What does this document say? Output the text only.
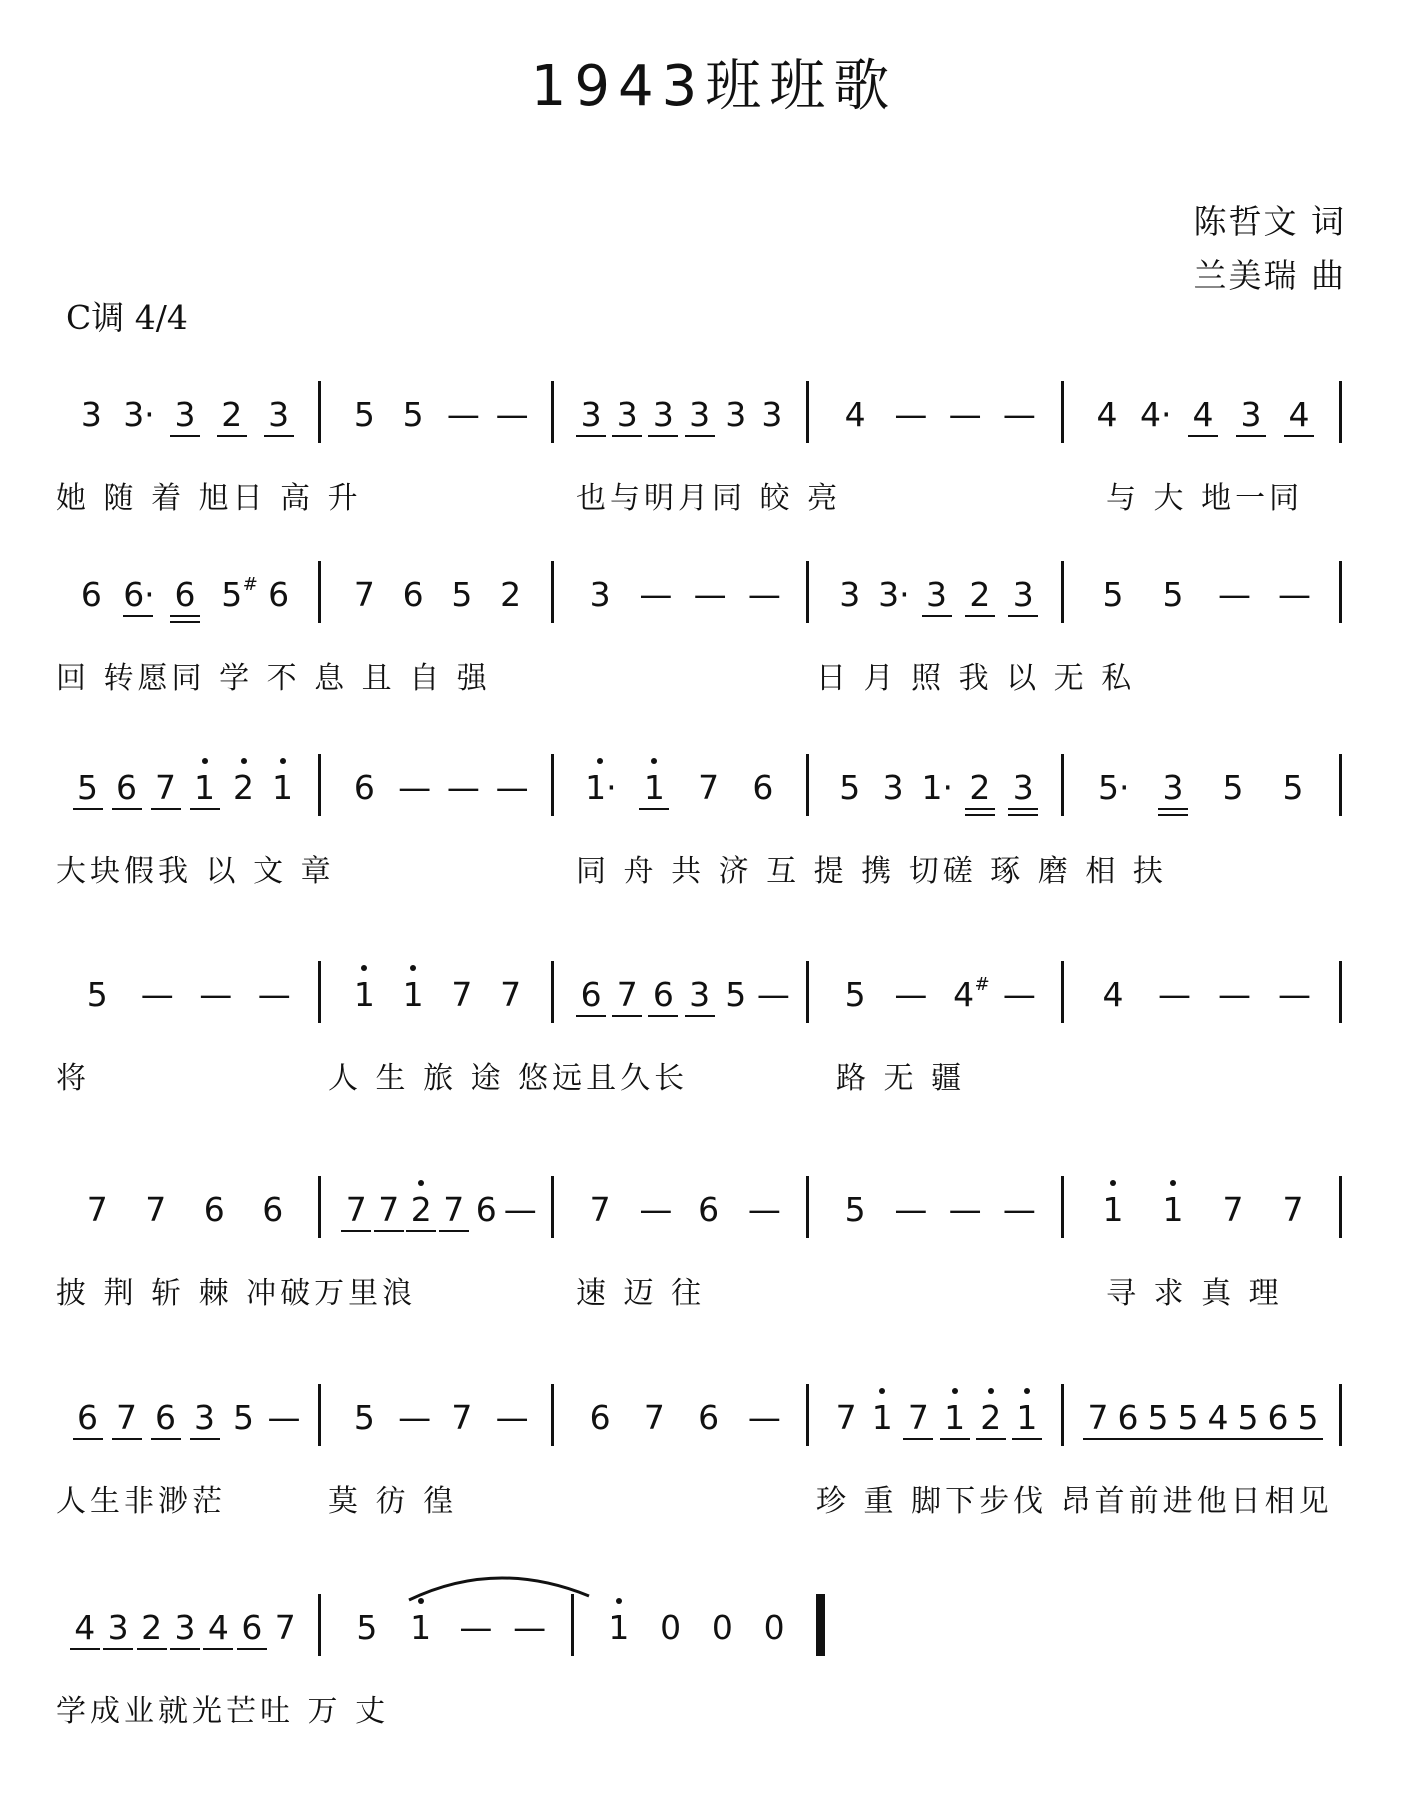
1943班班歌
陈哲文 词
兰美瑞 曲
C调 4/4
3 3· 3 2 3 5 5 — — 3 3 3 3 3 3 4 — — — 4 4· 4 3 4
她 随 着 旭日 高 升	也与明月同 皎 亮	与 大 地一同
6 6· 6 5 # 6 7 6 5 2 3 — — — 3 3· 3 2 3 5 5 — —
回 转愿同 学 不 息 且 自 强	日 月 照 我 以 无 私
5 6 7 1 2 1 6 — — — 1· 1 7 6 5 3 1· 2 3 5· 3 5 5
大块假我 以 文 章	同 舟 共 济 互 提 携 切磋 琢 磨 相 扶
5 — — — 1 1 7 7 6 7 6 3 5 — 5 — 4 # — 4 — — —
将	人 生 旅 途 悠远且久长	路 无 疆
7 7 6 6 7 7 2 7 6 — 7 — 6 — 5 — — — 1 1 7 7
披 荆 斩 棘 冲破万里浪	速 迈 往	寻 求 真 理
6 7 6 3 5 — 5 — 7 — 6 7 6 — 7 1 7 1 2 1 7 6 5 5 4 5 6 5
人生非渺茫	莫 彷 徨	珍 重 脚下步伐 昂首前进他日相见
4 3 2 3 4 6 7 5 1 — — 1 0 0 0
学成业就光芒吐 万 丈
